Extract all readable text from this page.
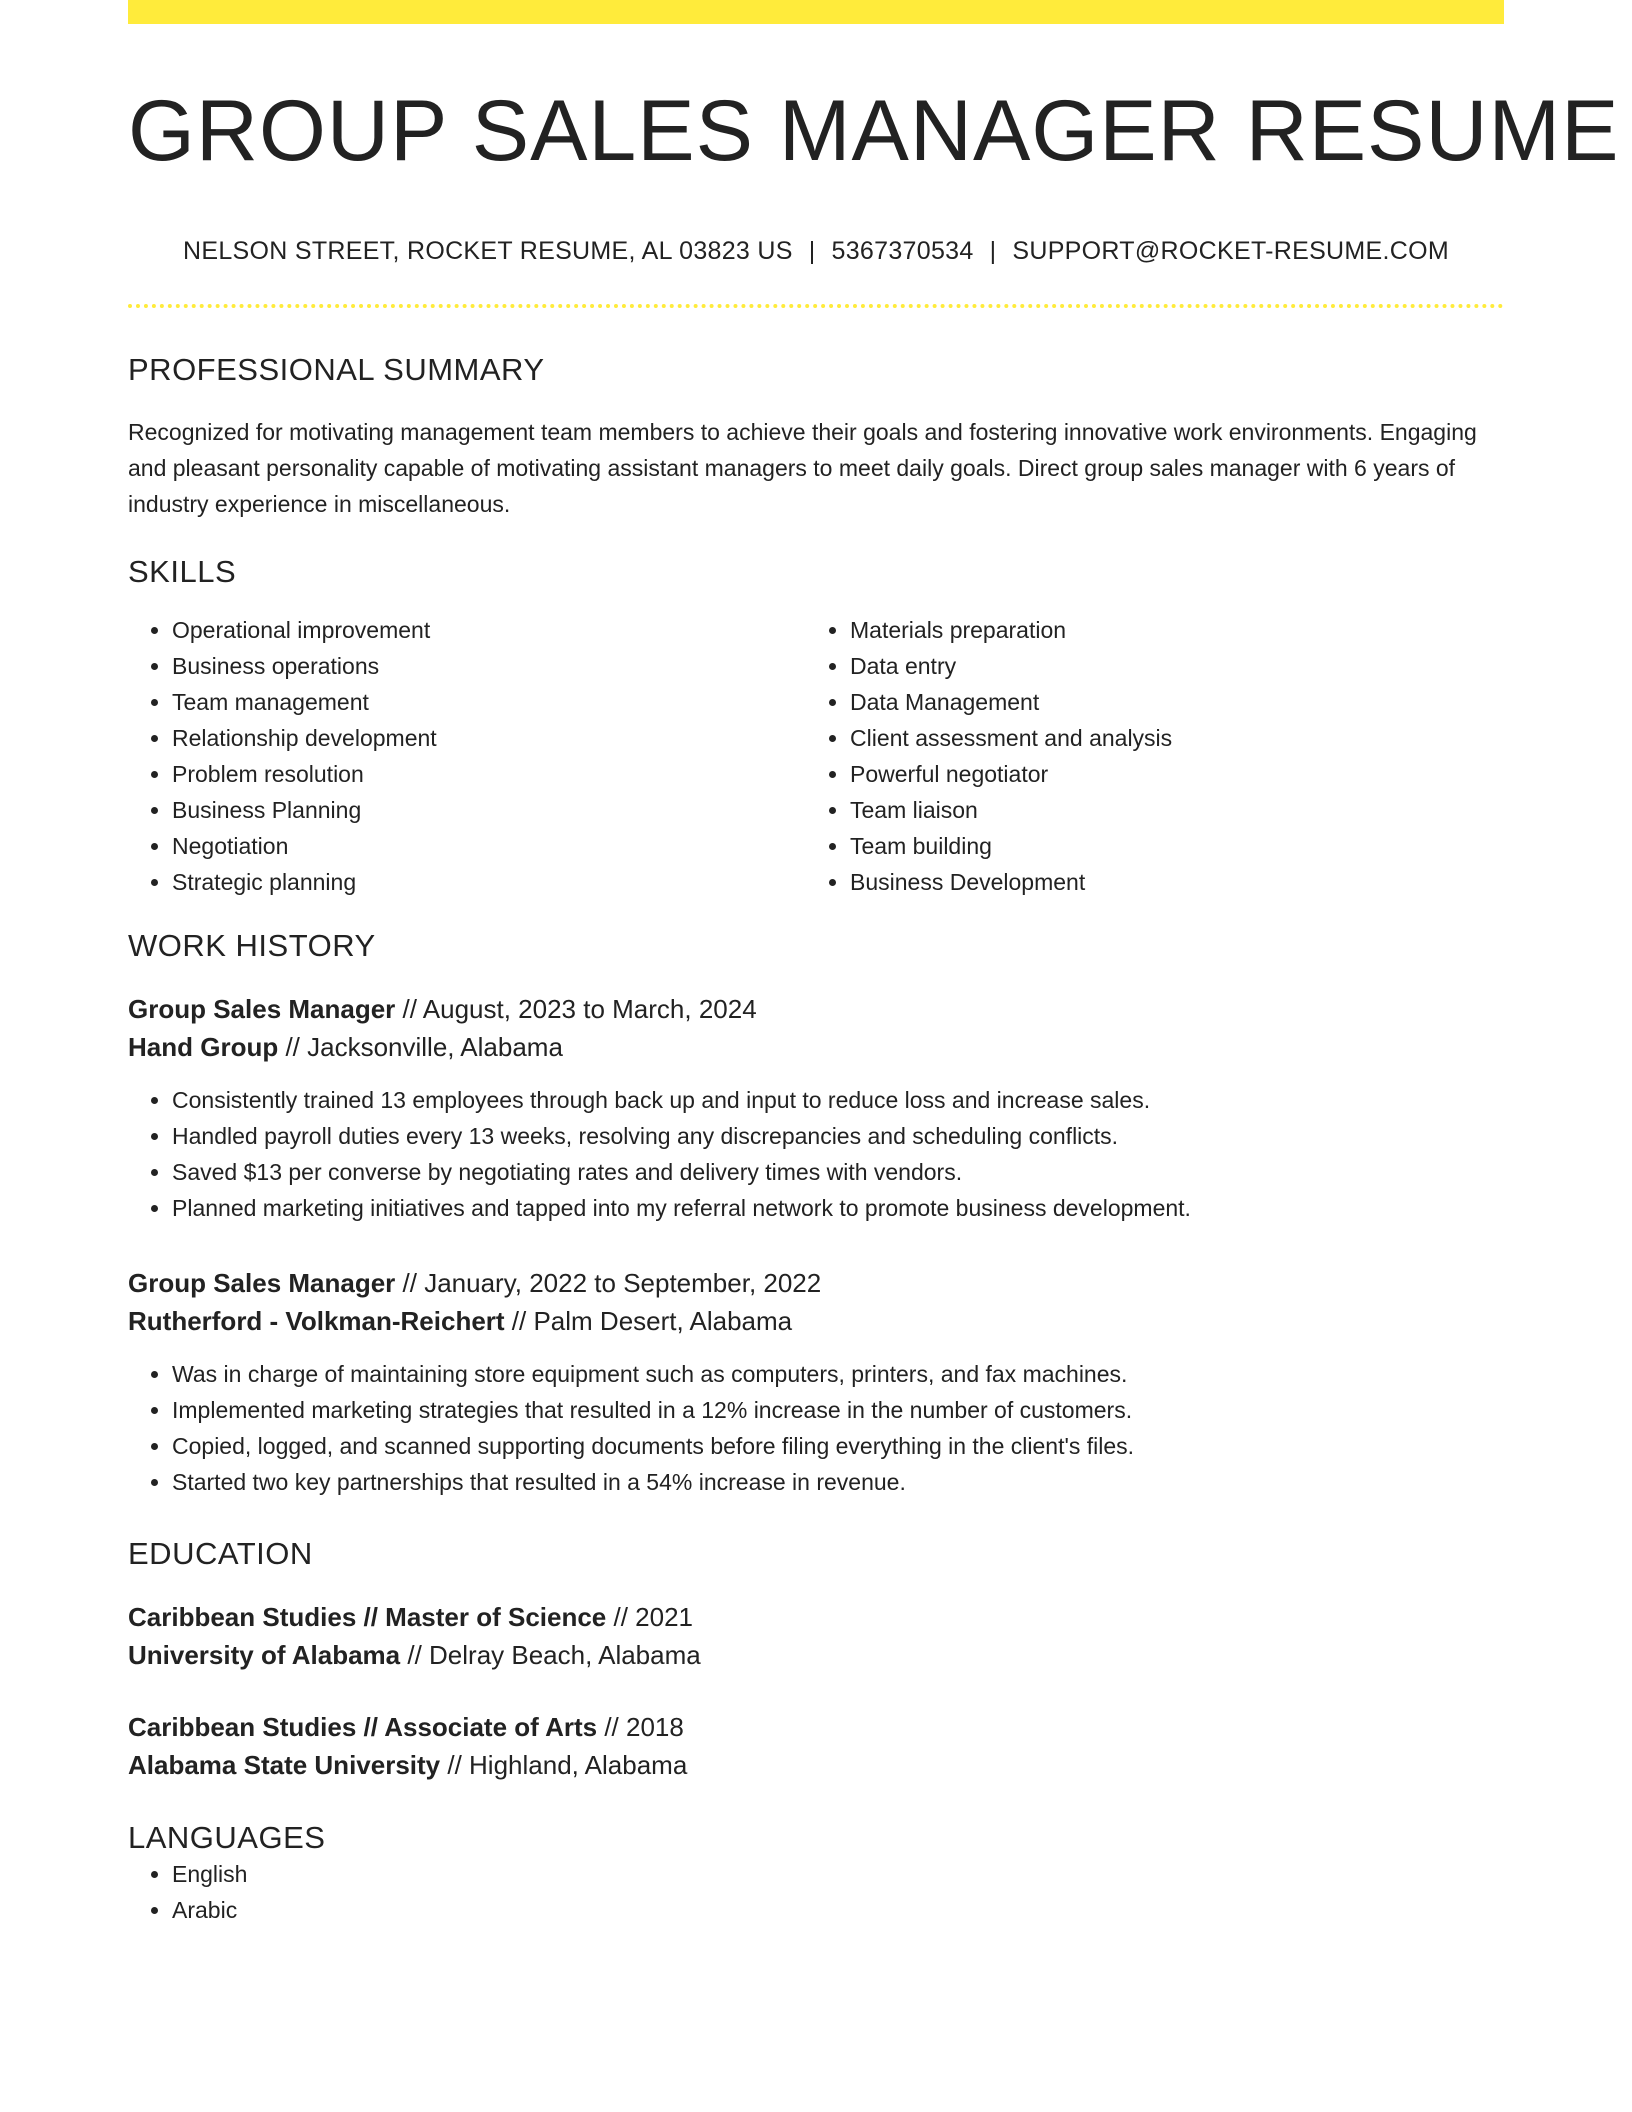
GROUP SALES MANAGER RESUME
NELSON STREET, ROCKET RESUME, AL 03823 US | 5367370534 | SUPPORT@ROCKET-RESUME.COM
PROFESSIONAL SUMMARY

Recognized for motivating management team members to achieve their goals and fostering innovative work environments. Engaging and pleasant personality capable of motivating assistant managers to meet daily goals. Direct group sales manager with 6 years of industry experience in miscellaneous.

SKILLS
• Operational improvement
• Business operations
• Team management
• Relationship development
• Problem resolution
• Business Planning
• Negotiation
• Strategic planning
• Materials preparation
• Data entry
• Data Management
• Client assessment and analysis
• Powerful negotiator
• Team liaison
• Team building
• Business Development
WORK HISTORY
Group Sales Manager // August, 2023 to March, 2024
Hand Group // Jacksonville, Alabama
• Consistently trained 13 employees through back up and input to reduce loss and increase sales.
• Handled payroll duties every 13 weeks, resolving any discrepancies and scheduling conflicts.
• Saved $13 per converse by negotiating rates and delivery times with vendors.
• Planned marketing initiatives and tapped into my referral network to promote business development.
Group Sales Manager // January, 2022 to September, 2022
Rutherford - Volkman-Reichert // Palm Desert, Alabama
• Was in charge of maintaining store equipment such as computers, printers, and fax machines.
• Implemented marketing strategies that resulted in a 12% increase in the number of customers.
• Copied, logged, and scanned supporting documents before filing everything in the client's files.
• Started two key partnerships that resulted in a 54% increase in revenue.
EDUCATION
Caribbean Studies // Master of Science // 2021
University of Alabama // Delray Beach, Alabama
Caribbean Studies // Associate of Arts // 2018
Alabama State University // Highland, Alabama
LANGUAGES
• English
• Arabic
